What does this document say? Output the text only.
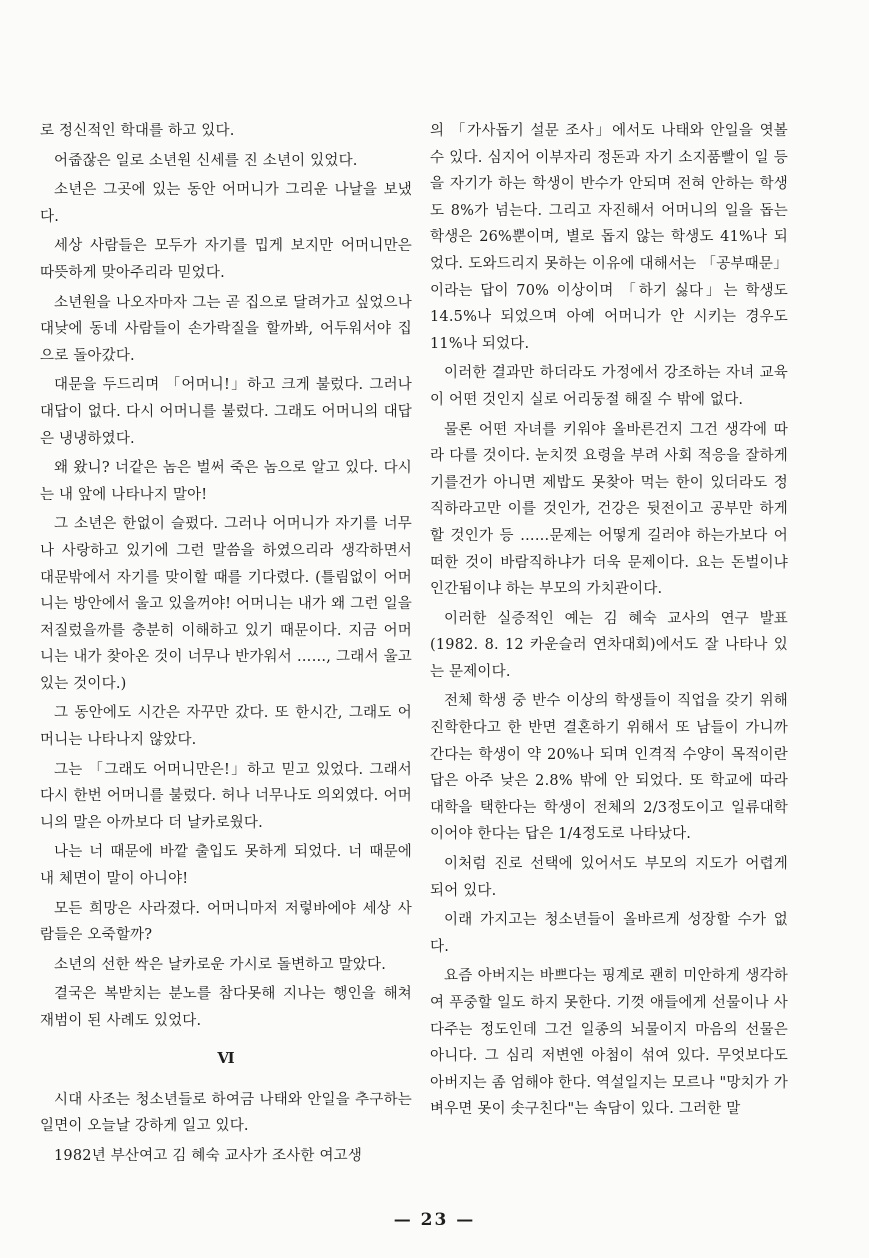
로 정신적인 학대를 하고 있다.

어줍잖은 일로 소년원 신세를 진 소년이 있었다.

소년은 그곳에 있는 동안 어머니가 그리운 나날을 보냈다.

세상 사람들은 모두가 자기를 밉게 보지만 어머니만은 따뜻하게 맞아주리라 믿었다.

소년원을 나오자마자 그는 곧 집으로 달려가고 싶었으나 대낮에 동네 사람들이 손가락질을 할까봐, 어두워서야 집으로 돌아갔다.

대문을 두드리며 「어머니!」하고 크게 불렀다. 그러나 대답이 없다. 다시 어머니를 불렀다. 그래도 어머니의 대답은 냉냉하였다.

왜 왔니? 너같은 놈은 벌써 죽은 놈으로 알고 있다. 다시는 내 앞에 나타나지 말아!

그 소년은 한없이 슬펐다. 그러나 어머니가 자기를 너무나 사랑하고 있기에 그런 말씀을 하였으리라 생각하면서 대문밖에서 자기를 맞이할 때를 기다렸다. (틀림없이 어머니는 방안에서 울고 있을꺼야! 어머니는 내가 왜 그런 일을 저질렀을까를 충분히 이해하고 있기 때문이다. 지금 어머니는 내가 찾아온 것이 너무나 반가워서 ……, 그래서 울고 있는 것이다.)

그 동안에도 시간은 자꾸만 갔다. 또 한시간, 그래도 어머니는 나타나지 않았다.

그는 「그래도 어머니만은!」하고 믿고 있었다. 그래서 다시 한번 어머니를 불렀다. 허나 너무나도 의외였다. 어머니의 말은 아까보다 더 날카로웠다.

나는 너 때문에 바깥 출입도 못하게 되었다. 너 때문에 내 체면이 말이 아니야!

모든 희망은 사라졌다. 어머니마저 저렇바에야 세상 사람들은 오죽할까?

소년의 선한 싹은 날카로운 가시로 돌변하고 말았다.

결국은 복받치는 분노를 참다못해 지나는 행인을 해쳐 재범이 된 사례도 있었다.

Ⅵ

시대 사조는 청소년들로 하여금 나태와 안일을 추구하는 일면이 오늘날 강하게 일고 있다.

1982년 부산여고 김 혜숙 교사가 조사한 여고생

의 「가사돕기 설문 조사」에서도 나태와 안일을 엿볼 수 있다. 심지어 이부자리 정돈과 자기 소지품빨이 일 등을 자기가 하는 학생이 반수가 안되며 전혀 안하는 학생도 8%가 넘는다. 그리고 자진해서 어머니의 일을 돕는 학생은 26%뿐이며, 별로 돕지 않는 학생도 41%나 되었다. 도와드리지 못하는 이유에 대해서는 「공부때문」이라는 답이 70% 이상이며 「하기 싫다」는 학생도 14.5%나 되었으며 아예 어머니가 안 시키는 경우도 11%나 되었다.

이러한 결과만 하더라도 가정에서 강조하는 자녀 교육이 어떤 것인지 실로 어리둥절 해질 수 밖에 없다.

물론 어떤 자녀를 키워야 올바른건지 그건 생각에 따라 다를 것이다. 눈치껏 요령을 부려 사회 적응을 잘하게 기를건가 아니면 제밥도 못찾아 먹는 한이 있더라도 정직하라고만 이를 것인가, 건강은 뒷전이고 공부만 하게 할 것인가 등 ……문제는 어떻게 길러야 하는가보다 어떠한 것이 바람직하냐가 더욱 문제이다. 요는 돈벌이냐 인간됨이냐 하는 부모의 가치관이다.

이러한 실증적인 예는 김 혜숙 교사의 연구 발표(1982. 8. 12 카운슬러 연차대회)에서도 잘 나타나 있는 문제이다.

전체 학생 중 반수 이상의 학생들이 직업을 갖기 위해 진학한다고 한 반면 결혼하기 위해서 또 남들이 가니까 간다는 학생이 약 20%나 되며 인격적 수양이 목적이란 답은 아주 낮은 2.8% 밖에 안 되었다. 또 학교에 따라 대학을 택한다는 학생이 전체의 2/3정도이고 일류대학이어야 한다는 답은 1/4정도로 나타났다.

이처럼 진로 선택에 있어서도 부모의 지도가 어렵게 되어 있다.

이래 가지고는 청소년들이 올바르게 성장할 수가 없다.

요즘 아버지는 바쁘다는 핑계로 괜히 미안하게 생각하여 푸중할 일도 하지 못한다. 기껏 애들에게 선물이나 사다주는 정도인데 그건 일종의 뇌물이지 마음의 선물은 아니다. 그 심리 저변엔 아첨이 섞여 있다. 무엇보다도 아버지는 좀 엄해야 한다. 역설일지는 모르나 "망치가 가벼우면 못이 솟구친다"는 속담이 있다. 그러한 말

— 23 —
